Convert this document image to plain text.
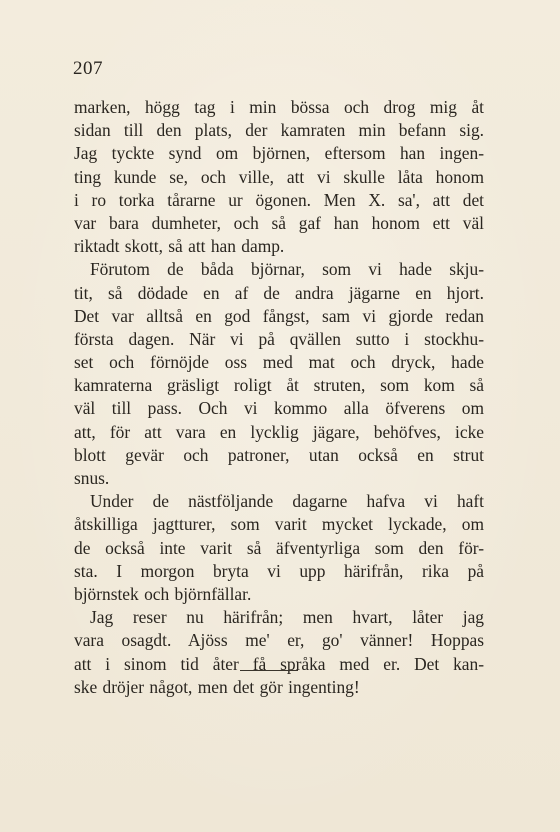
207
marken, högg tag i min bössa och drog mig åt
sidan till den plats, der kamraten min befann sig.
Jag tyckte synd om björnen, eftersom han ingen-
ting kunde se, och ville, att vi skulle låta honom
i ro torka tårarne ur ögonen. Men X. sa', att det
var bara dumheter, och så gaf han honom ett väl
riktadt skott, så att han damp.
Förutom de båda björnar, som vi hade skju-
tit, så dödade en af de andra jägarne en hjort.
Det var alltså en god fångst, sam vi gjorde redan
första dagen. När vi på qvällen sutto i stockhu-
set och förnöjde oss med mat och dryck, hade
kamraterna gräsligt roligt åt struten, som kom så
väl till pass. Och vi kommo alla öfverens om
att, för att vara en lycklig jägare, behöfves, icke
blott gevär och patroner, utan också en strut
snus.
Under de nästföljande dagarne hafva vi haft
åtskilliga jagtturer, som varit mycket lyckade, om
de också inte varit så äfventyrliga som den för-
sta. I morgon bryta vi upp härifrån, rika på
björnstek och björnfällar.
Jag reser nu härifrån; men hvart, låter jag
vara osagdt. Ajöss me' er, go' vänner! Hoppas
att i sinom tid åter få språka med er. Det kan-
ske dröjer något, men det gör ingenting!
